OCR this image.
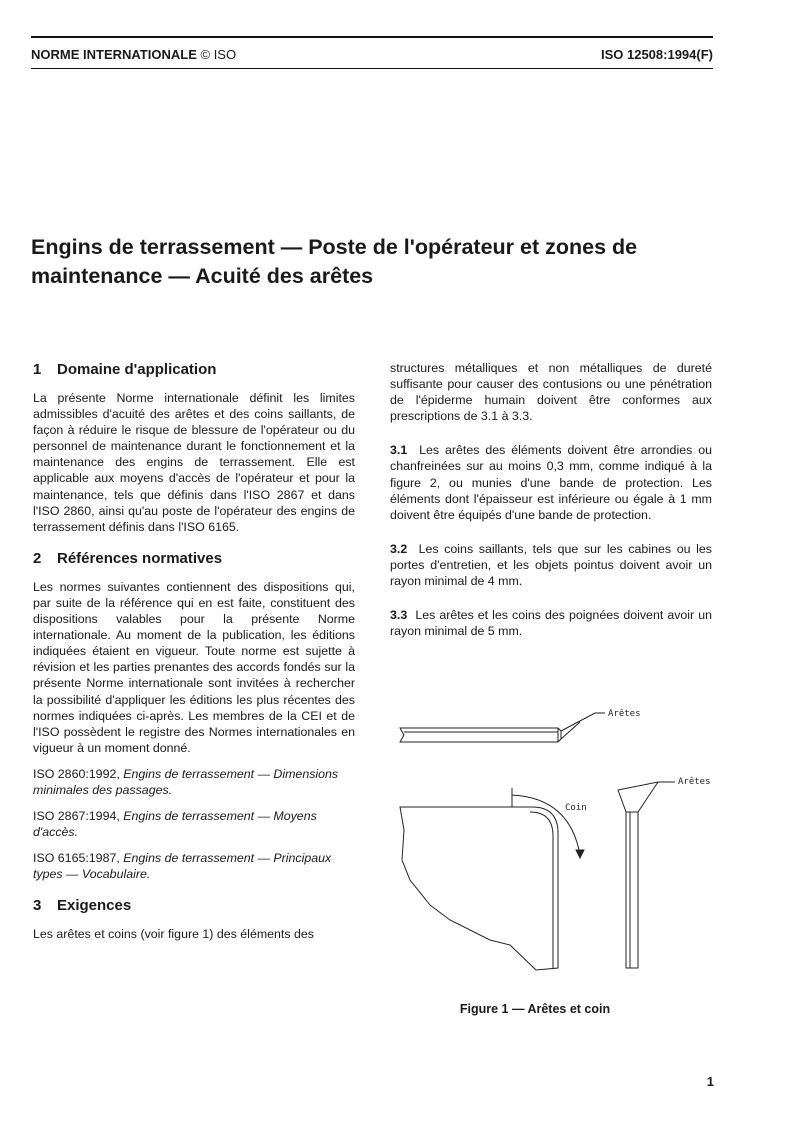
NORME INTERNATIONALE © ISO	ISO 12508:1994(F)
Engins de terrassement — Poste de l'opérateur et zones de maintenance — Acuité des arêtes
1 Domaine d'application

La présente Norme internationale définit les limites admissibles d'acuité des arêtes et des coins saillants, de façon à réduire le risque de blessure de l'opérateur ou du personnel de maintenance durant le fonctionnement et la maintenance des engins de terrassement. Elle est applicable aux moyens d'accès de l'opérateur et pour la maintenance, tels que définis dans l'ISO 2867 et dans l'ISO 2860, ainsi qu'au poste de l'opérateur des engins de terrassement définis dans l'ISO 6165.

2 Références normatives

Les normes suivantes contiennent des dispositions qui, par suite de la référence qui en est faite, constituent des dispositions valables pour la présente Norme internationale. Au moment de la publication, les éditions indiquées étaient en vigueur. Toute norme est sujette à révision et les parties prenantes des accords fondés sur la présente Norme internationale sont invitées à rechercher la possibilité d'appliquer les éditions les plus récentes des normes indiquées ci-après. Les membres de la CEI et de l'ISO possèdent le registre des Normes internationales en vigueur à un moment donné.

ISO 2860:1992, Engins de terrassement — Dimensions minimales des passages.

ISO 2867:1994, Engins de terrassement — Moyens d'accès.

ISO 6165:1987, Engins de terrassement — Principaux types — Vocabulaire.

3 Exigences

Les arêtes et coins (voir figure 1) des éléments des

structures métalliques et non métalliques de dureté suffisante pour causer des contusions ou une pénétration de l'épiderme humain doivent être conformes aux prescriptions de 3.1 à 3.3.

3.1 Les arêtes des éléments doivent être arrondies ou chanfreinées sur au moins 0,3 mm, comme indiqué à la figure 2, ou munies d'une bande de protection. Les éléments dont l'épaisseur est inférieure ou égale à 1 mm doivent être équipés d'une bande de protection.

3.2 Les coins saillants, tels que sur les cabines ou les portes d'entretien, et les objets pointus doivent avoir un rayon minimal de 4 mm.

3.3 Les arêtes et les coins des poignées doivent avoir un rayon minimal de 5 mm.

Arêtes
Arêtes
Coin
Figure 1 — Arêtes et coin
1
